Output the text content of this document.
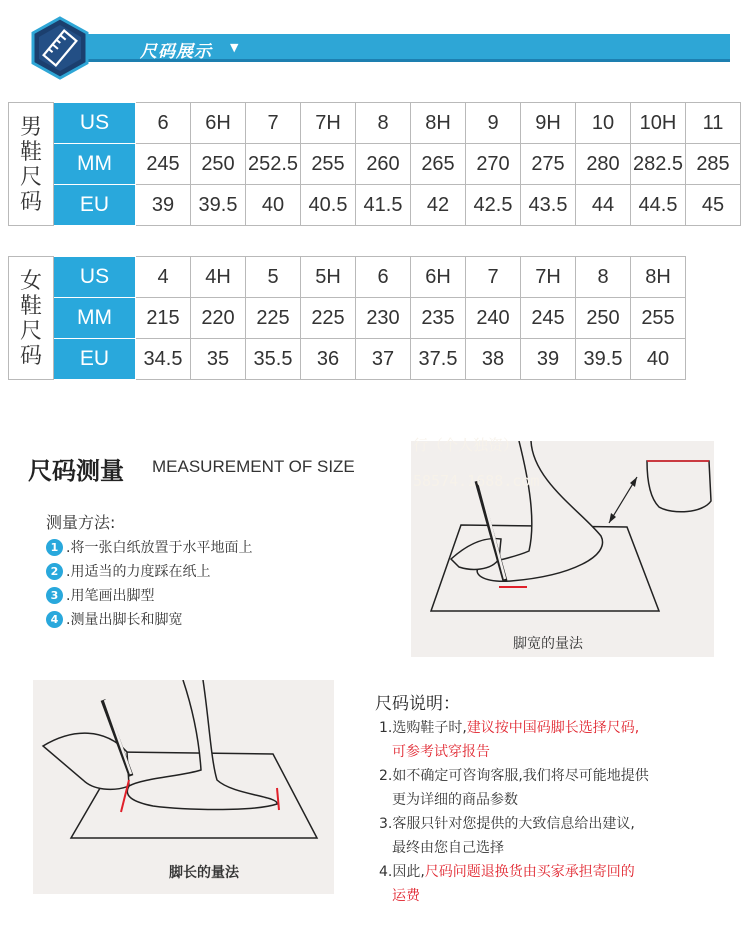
尺码展示 ▼
男
鞋
尺
码	US	6	6H	7	7H	8	8H	9	9H	10	10H	11
	MM	245	250	252.5	255	260	265	270	275	280	282.5	285
	EU	39	39.5	40	40.5	41.5	42	42.5	43.5	44	44.5	45
女
鞋
尺
码	US	4	4H	5	5H	6	6H	7	7H	8	8H
	MM	215	220	225	225	230	235	240	245	250	255
	EU	34.5	35	35.5	36	37	37.5	38	39	39.5	40
尺码测量 MEASUREMENT OF SIZE
测量方法:
1 .将一张白纸放置于水平地面上
2 .用适当的力度踩在纸上
3 .用笔画出脚型
4 .测量出脚长和脚宽
脚宽的量法
行（个人独资）
58574.1688.com
脚长的量法
尺码说明：
1.选购鞋子时,建议按中国码脚长选择尺码,
可参考试穿报告
2.如不确定可咨询客服,我们将尽可能地提供
更为详细的商品参数
3.客服只针对您提供的大致信息给出建议,
最终由您自己选择
4.因此,尺码问题退换货由买家承担寄回的
运费
